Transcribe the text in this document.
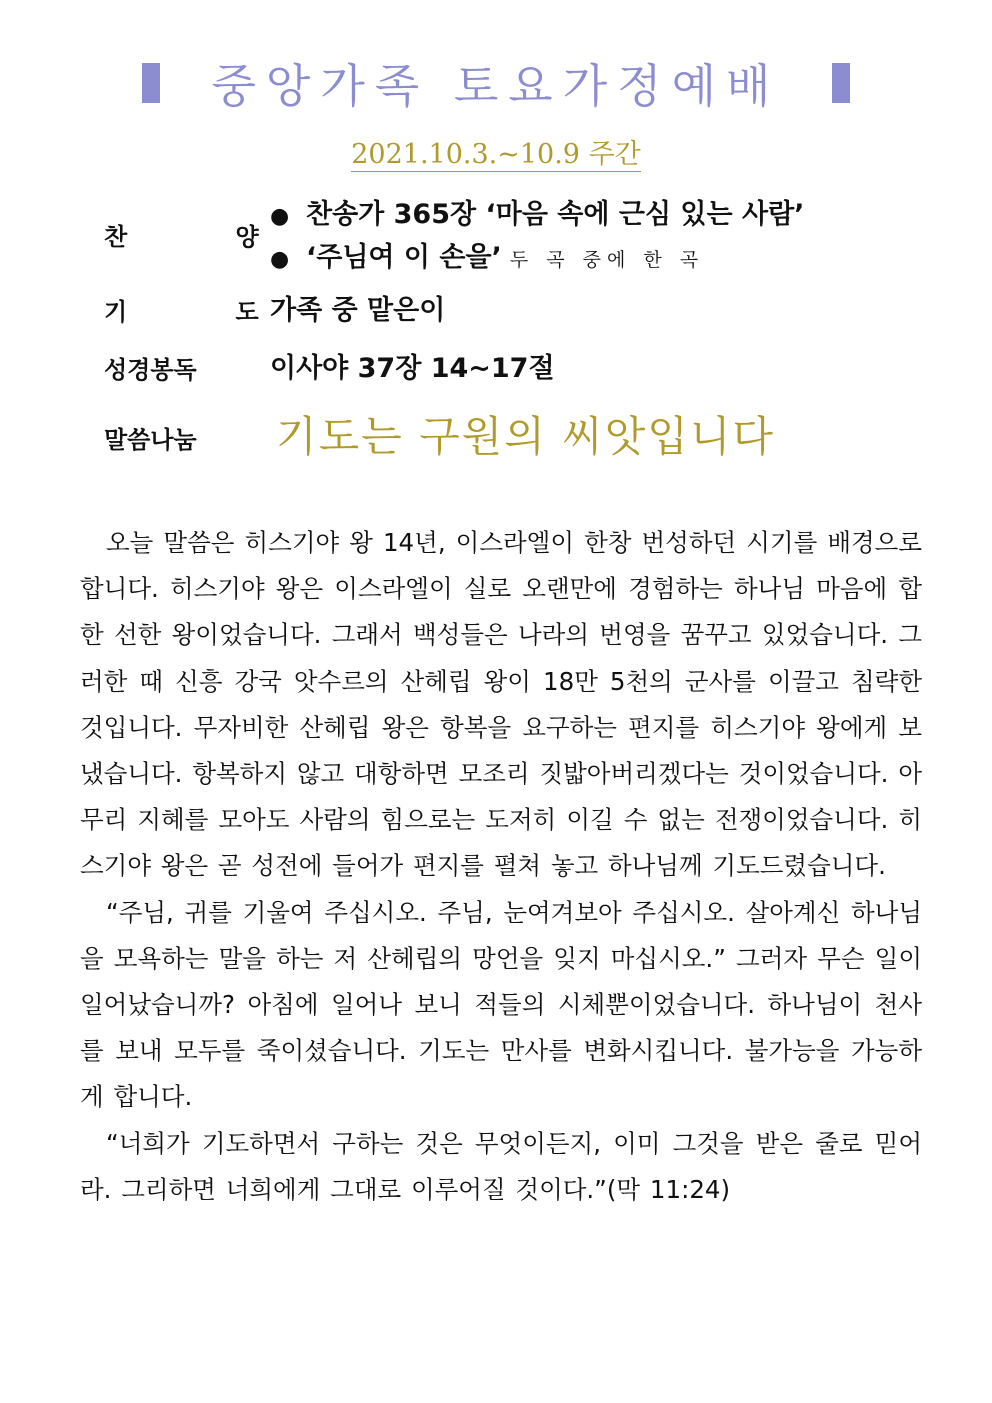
중앙가족 토요가정예배
2021.10.3.~10.9 주간
찬 양
● 찬송가 365장 ‘마음 속에 근심 있는 사람’
● ‘주님여 이 손을’ 두 곡 중에 한 곡
기 도
가족 중 맡은이
성경봉독	이사야 37장 14~17절
말씀나눔 기도는 구원의 씨앗입니다

오늘 말씀은 히스기야 왕 14년, 이스라엘이 한창 번성하던 시기를 배경으로 합니다. 히스기야 왕은 이스라엘이 실로 오랜만에 경험하는 하나님 마음에 합한 선한 왕이었습니다. 그래서 백성들은 나라의 번영을 꿈꾸고 있었습니다. 그러한 때 신흥 강국 앗수르의 산헤립 왕이 18만 5천의 군사를 이끌고 침략한 것입니다. 무자비한 산헤립 왕은 항복을 요구하는 편지를 히스기야 왕에게 보냈습니다. 항복하지 않고 대항하면 모조리 짓밟아버리겠다는 것이었습니다. 아무리 지혜를 모아도 사람의 힘으로는 도저히 이길 수 없는 전쟁이었습니다. 히스기야 왕은 곧 성전에 들어가 편지를 펼쳐 놓고 하나님께 기도드렸습니다.

“주님, 귀를 기울여 주십시오. 주님, 눈여겨보아 주십시오. 살아계신 하나님을 모욕하는 말을 하는 저 산헤립의 망언을 잊지 마십시오.” 그러자 무슨 일이 일어났습니까? 아침에 일어나 보니 적들의 시체뿐이었습니다. 하나님이 천사를 보내 모두를 죽이셨습니다. 기도는 만사를 변화시킵니다. 불가능을 가능하게 합니다.

“너희가 기도하면서 구하는 것은 무엇이든지, 이미 그것을 받은 줄로 믿어라. 그리하면 너희에게 그대로 이루어질 것이다.”(막 11:24)
